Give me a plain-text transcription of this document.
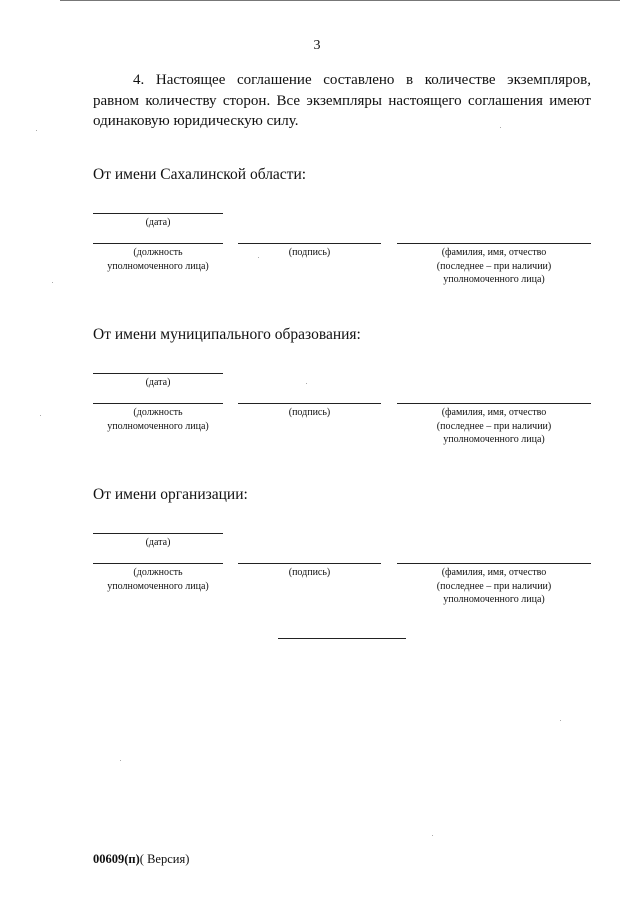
3

4. Настоящее соглашение составлено в количестве экземпляров, равном количеству сторон. Все экземпляры настоящего соглашения имеют одинаковую юридическую силу.

От имени Сахалинской области:
(дата)
(должность
уполномоченного лица)
(подпись)	(фамилия, имя, отчество
(последнее – при наличии)
уполномоченного лица)
От имени муниципального образования:
(дата)
(должность
уполномоченного лица)
(подпись)	(фамилия, имя, отчество
(последнее – при наличии)
уполномоченного лица)
От имени организации:
(дата)
(должность
уполномоченного лица)
(подпись)	(фамилия, имя, отчество
(последнее – при наличии)
уполномоченного лица)
00609(п)( Версия)
